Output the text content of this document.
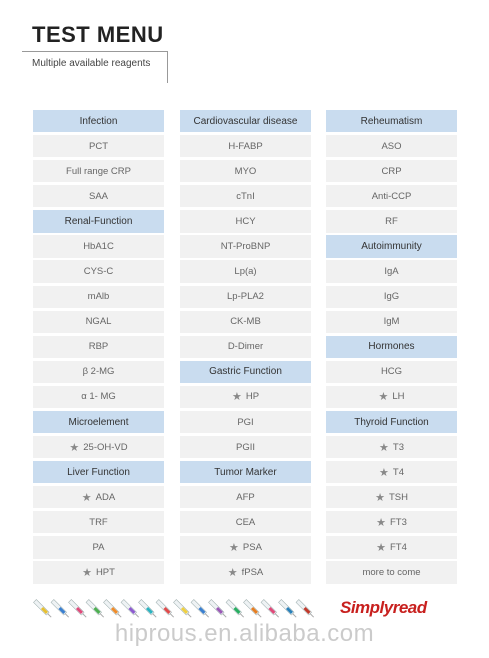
TEST MENU
Multiple available reagents
Infection
PCT
Full range CRP
SAA
Renal-Function
HbA1C
CYS-C
mAlb
NGAL
RBP
β 2-MG
α 1- MG
Microelement
★ 25-OH-VD
Liver Function
★ ADA
TRF
PA
★ HPT
Cardiovascular disease
H-FABP
MYO
cTnI
HCY
NT-ProBNP
Lp(a)
Lp-PLA2
CK-MB
D-Dimer
Gastric Function
★ HP
PGI
PGII
Tumor Marker
AFP
CEA
★ PSA
★ fPSA
Reheumatism
ASO
CRP
Anti-CCP
RF
Autoimmunity
IgA
IgG
IgM
Hormones
HCG
★ LH
Thyroid Function
★ T3
★ T4
★ TSH
★ FT3
★ FT4
more to come
Simplyread
hiprous.en.alibaba.com
